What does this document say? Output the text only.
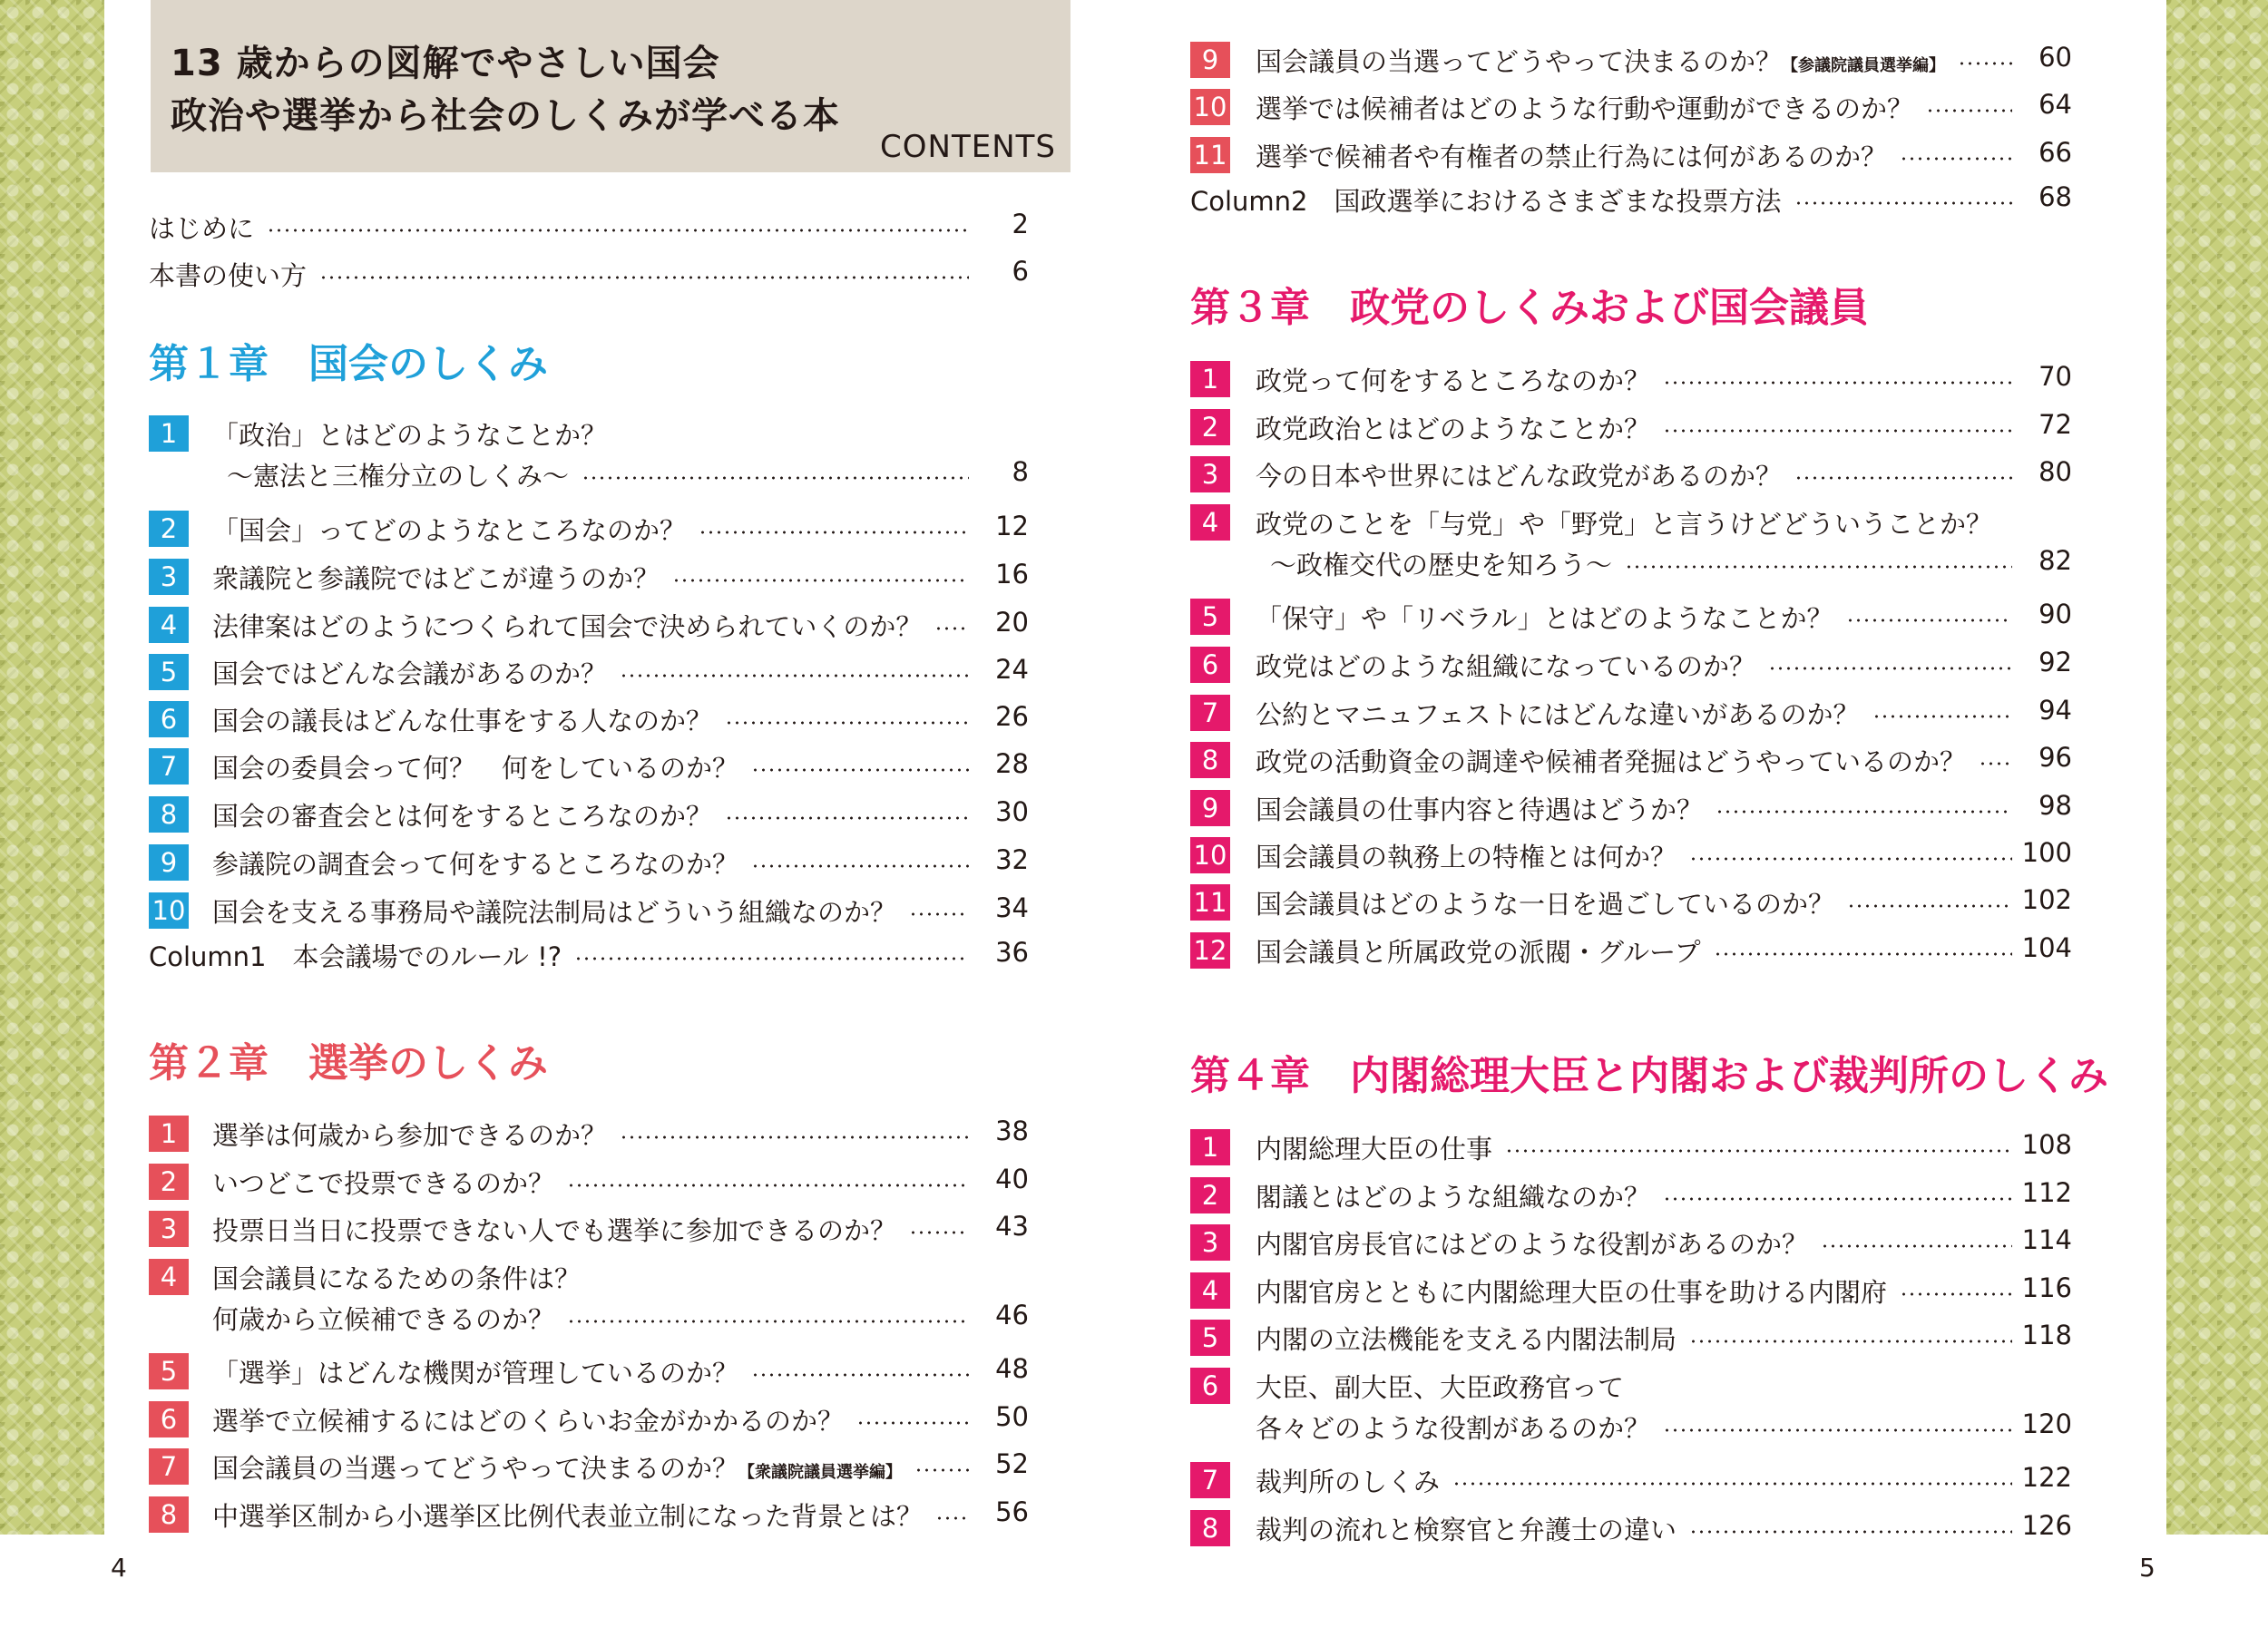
13 歳からの図解でやさしい国会
政治や選挙から社会のしくみが学べる本
CONTENTS
はじめに	2
本書の使い方	6
第１章　国会のしくみ
1	「政治」とはどのようなことか？
～憲法と三権分立のしくみ～	8
2	「国会」ってどのようなところなのか？	12
3	衆議院と参議院ではどこが違うのか？	16
4	法律案はどのようにつくられて国会で決められていくのか？	20
5	国会ではどんな会議があるのか？	24
6	国会の議長はどんな仕事をする人なのか？	26
7	国会の委員会って何？　何をしているのか？	28
8	国会の審査会とは何をするところなのか？	30
9	参議院の調査会って何をするところなのか？	32
10 国会を支える事務局や議院法制局はどういう組織なのか？	34
Column1　本会議場でのルール !?	36
第２章　選挙のしくみ
1	選挙は何歳から参加できるのか？	38
2	いつどこで投票できるのか？	40
3	投票日当日に投票できない人でも選挙に参加できるのか？	43
4	国会議員になるための条件は？
何歳から立候補できるのか？	46
5	「選挙」はどんな機関が管理しているのか？	48
6	選挙で立候補するにはどのくらいお金がかかるのか？	50
7	国会議員の当選ってどうやって決まるのか？【衆議院議員選挙編】	52
8	中選挙区制から小選挙区比例代表並立制になった背景とは？	56
9	国会議員の当選ってどうやって決まるのか？【参議院議員選挙編】	60
10 選挙では候補者はどのような行動や運動ができるのか？	64
11 選挙で候補者や有権者の禁止行為には何があるのか？	66
Column2　国政選挙におけるさまざまな投票方法	68
第３章　政党のしくみおよび国会議員
1	政党って何をするところなのか？	70
2	政党政治とはどのようなことか？	72
3	今の日本や世界にはどんな政党があるのか？	80
4	政党のことを「与党」や「野党」と言うけどどういうことか？
～政権交代の歴史を知ろう～	82
5	「保守」や「リベラル」とはどのようなことか？	90
6	政党はどのような組織になっているのか？	92
7	公約とマニュフェストにはどんな違いがあるのか？	94
8	政党の活動資金の調達や候補者発掘はどうやっているのか？	96
9	国会議員の仕事内容と待遇はどうか？	98
10 国会議員の執務上の特権とは何か？	100
11 国会議員はどのような一日を過ごしているのか？	102
12 国会議員と所属政党の派閥・グループ	104
第４章　内閣総理大臣と内閣および裁判所のしくみ
1	内閣総理大臣の仕事	108
2	閣議とはどのような組織なのか？	112
3	内閣官房長官にはどのような役割があるのか？	114
4	内閣官房とともに内閣総理大臣の仕事を助ける内閣府	116
5	内閣の立法機能を支える内閣法制局	118
6	大臣、副大臣、大臣政務官って
各々どのような役割があるのか？	120
7	裁判所のしくみ	122
8	裁判の流れと検察官と弁護士の違い	126
4	5
